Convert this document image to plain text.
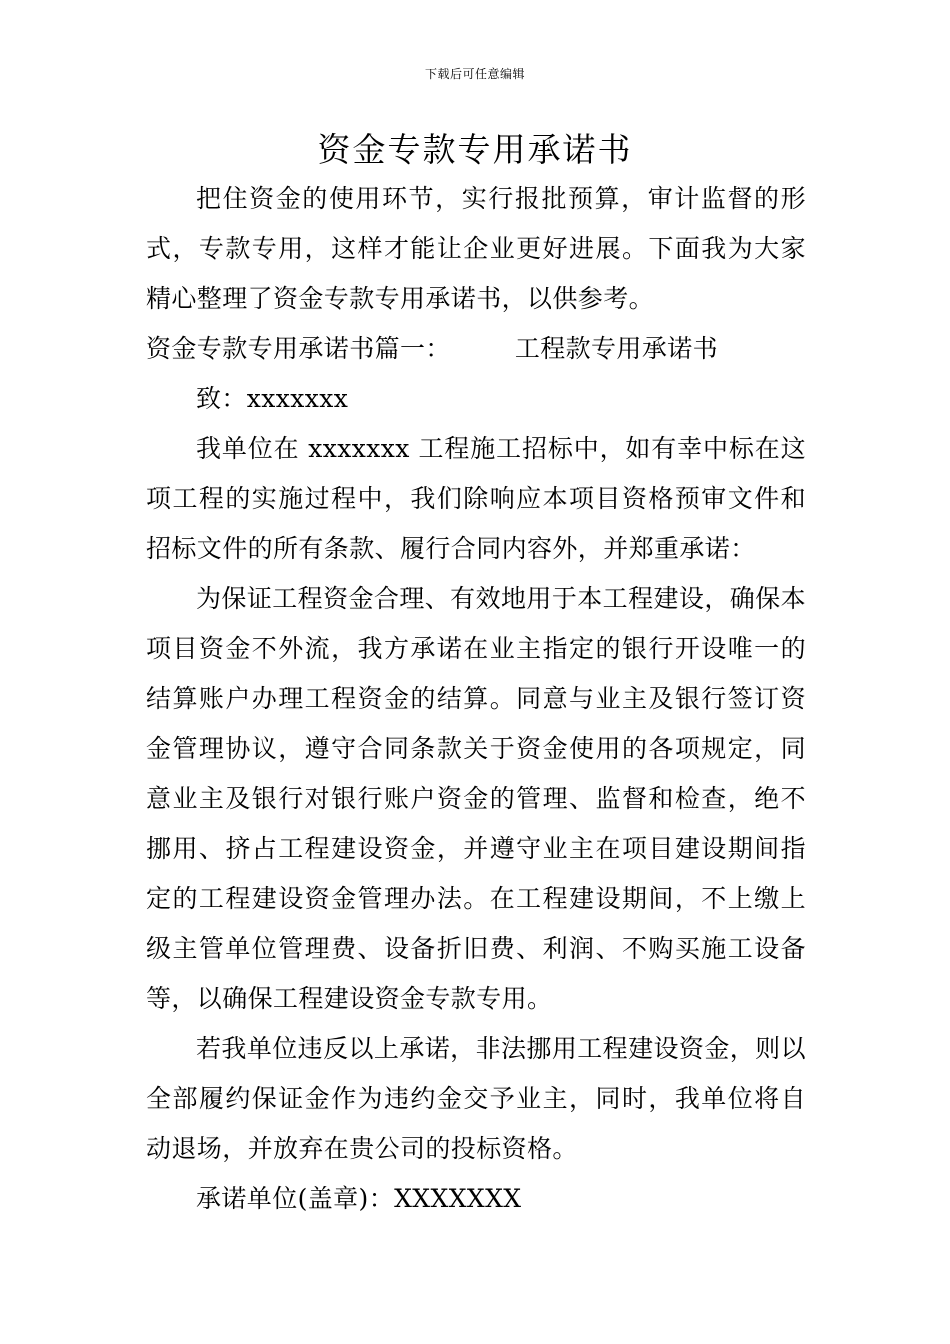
下载后可任意编辑
资金专款专用承诺书

把住资金的使用环节，实行报批预算，审计监督的形式，专款专用，这样才能让企业更好进展。下面我为大家精心整理了资金专款专用承诺书，以供参考。

资金专款专用承诺书篇一：	工程款专用承诺书

致：xxxxxxx

我单位在 xxxxxxx 工程施工招标中，如有幸中标在这项工程的实施过程中，我们除响应本项目资格预审文件和招标文件的所有条款、履行合同内容外，并郑重承诺：

为保证工程资金合理、有效地用于本工程建设，确保本项目资金不外流，我方承诺在业主指定的银行开设唯一的结算账户办理工程资金的结算。同意与业主及银行签订资金管理协议，遵守合同条款关于资金使用的各项规定，同意业主及银行对银行账户资金的管理、监督和检查，绝不挪用、挤占工程建设资金，并遵守业主在项目建设期间指定的工程建设资金管理办法。在工程建设期间，不上缴上级主管单位管理费、设备折旧费、利润、不购买施工设备等，以确保工程建设资金专款专用。

若我单位违反以上承诺，非法挪用工程建设资金，则以全部履约保证金作为违约金交予业主，同时，我单位将自动退场，并放弃在贵公司的投标资格。

承诺单位(盖章)：XXXXXXX
